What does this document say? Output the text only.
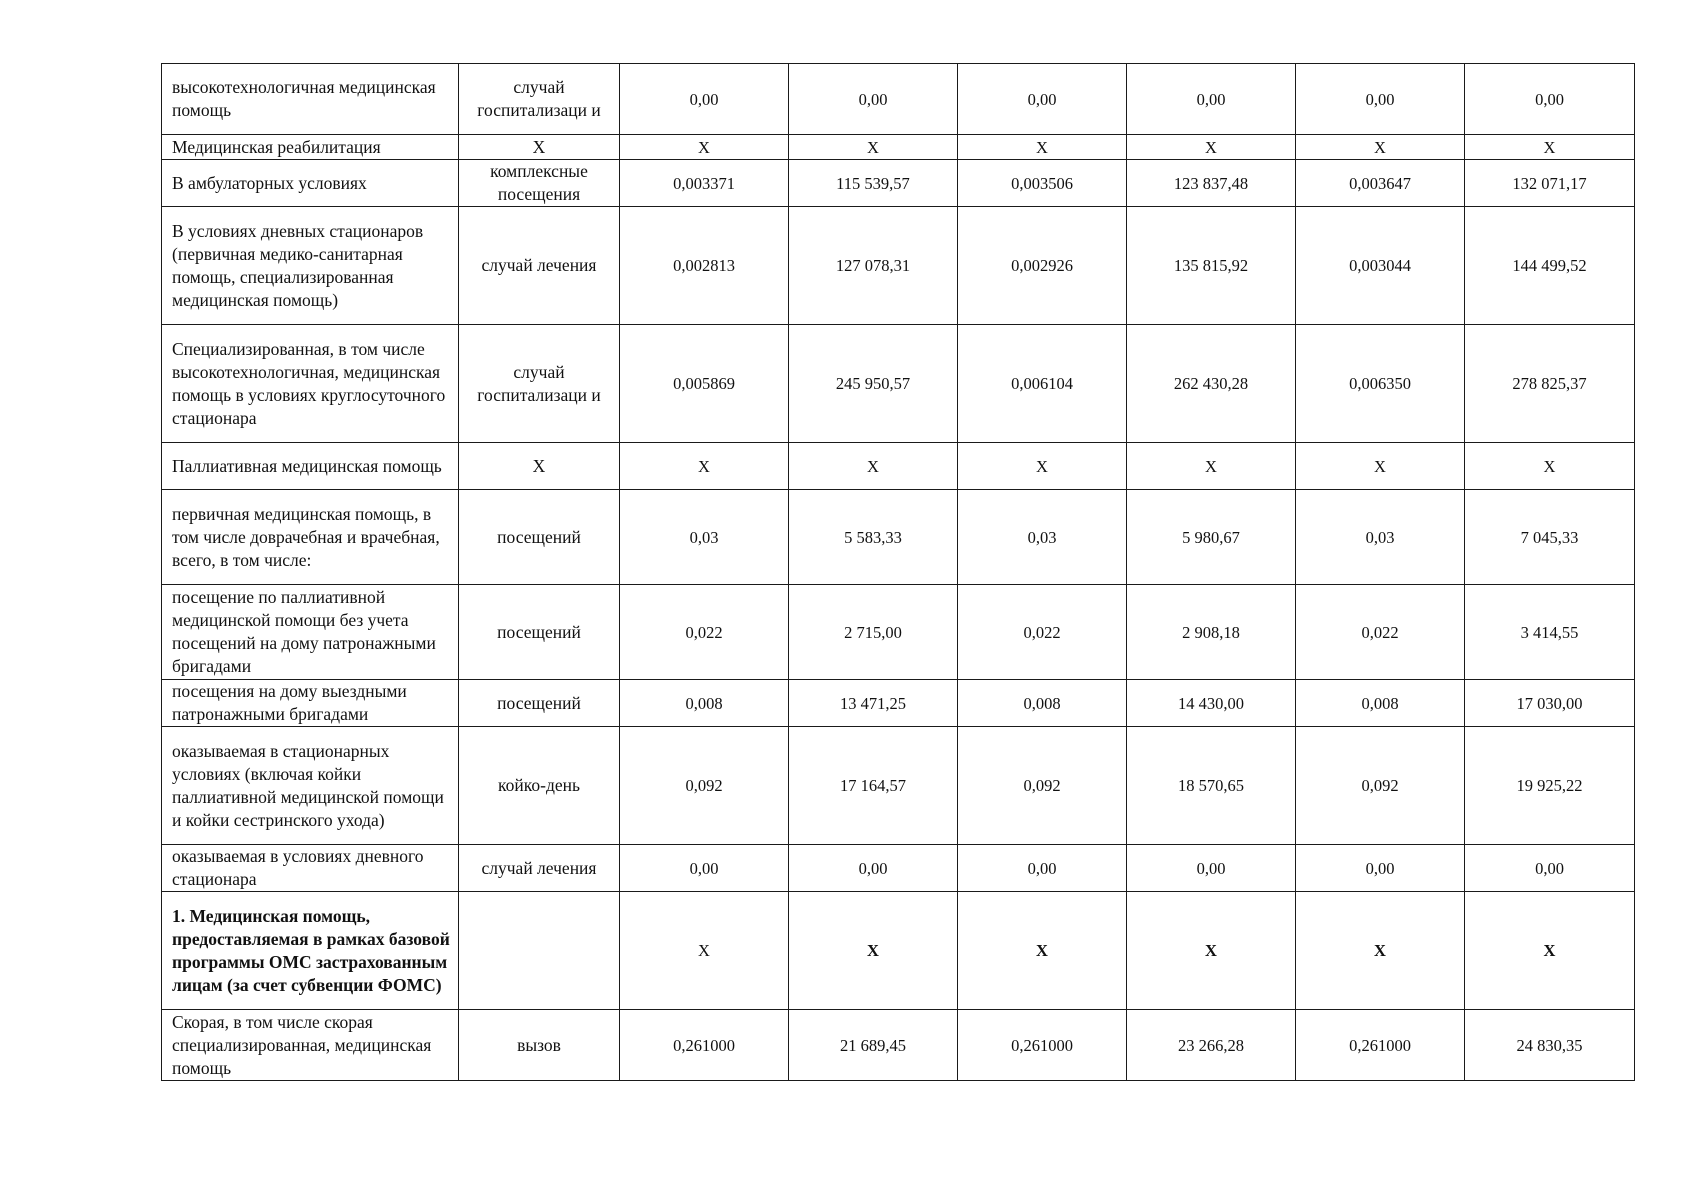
высокотехнологичная медицинская помощь	случай госпитализаци и	0,00	0,00	0,00	0,00	0,00	0,00
Медицинская реабилитация	Х	Х	Х	Х	Х	Х	Х
В амбулаторных условиях	комплексные посещения	0,003371	115 539,57	0,003506	123 837,48	0,003647	132 071,17
В условиях дневных стационаров (первичная медико-санитарная помощь, специализированная медицинская помощь)	случай лечения	0,002813	127 078,31	0,002926	135 815,92	0,003044	144 499,52
Специализированная, в том числе высокотехнологичная, медицинская помощь в условиях круглосуточного стационара	случай госпитализаци и	0,005869	245 950,57	0,006104	262 430,28	0,006350	278 825,37
Паллиативная медицинская помощь	Х	Х	Х	Х	Х	Х	Х
первичная медицинская помощь, в том числе доврачебная и врачебная, всего, в том числе:	посещений	0,03	5 583,33	0,03	5 980,67	0,03	7 045,33
посещение по паллиативной медицинской помощи без учета посещений на дому патронажными бригадами	посещений	0,022	2 715,00	0,022	2 908,18	0,022	3 414,55
посещения на дому выездными патронажными бригадами	посещений	0,008	13 471,25	0,008	14 430,00	0,008	17 030,00
оказываемая в стационарных условиях (включая койки паллиативной медицинской помощи и койки сестринского ухода)	койко-день	0,092	17 164,57	0,092	18 570,65	0,092	19 925,22
оказываемая в условиях дневного стационара	случай лечения	0,00	0,00	0,00	0,00	0,00	0,00
1. Медицинская помощь, предоставляемая в рамках базовой программы ОМС застрахованным лицам (за счет субвенции ФОМС)		Х	Х	Х	Х	Х	Х
Скорая, в том числе скорая специализированная, медицинская помощь	вызов	0,261000	21 689,45	0,261000	23 266,28	0,261000	24 830,35
